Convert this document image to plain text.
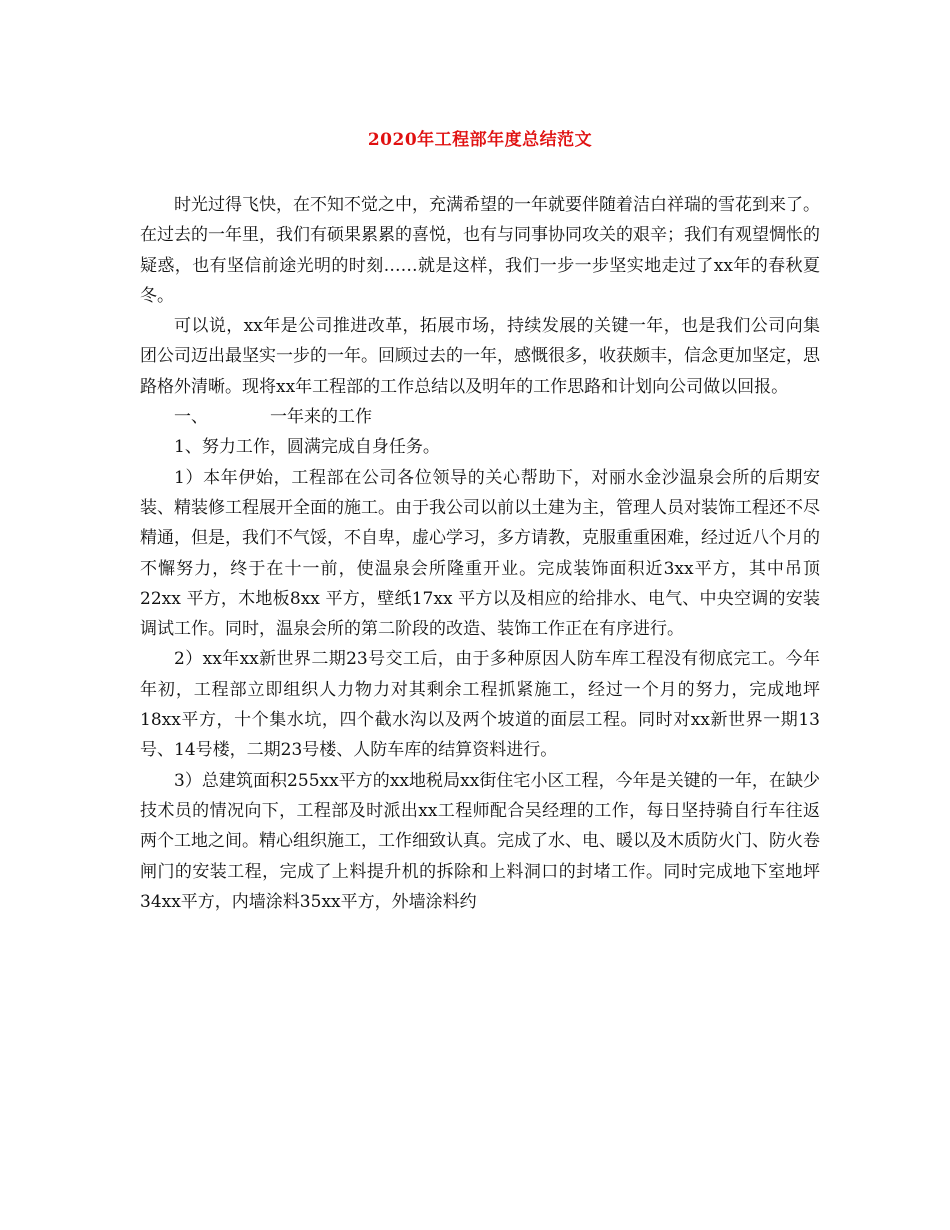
2020年工程部年度总结范文

时光过得飞快，在不知不觉之中，充满希望的一年就要伴随着洁白祥瑞的雪花到来了。在过去的一年里，我们有硕果累累的喜悦，也有与同事协同攻关的艰辛；我们有观望惆怅的疑惑，也有坚信前途光明的时刻……就是这样，我们一步一步坚实地走过了xx年的春秋夏冬。

可以说，xx年是公司推进改革，拓展市场，持续发展的关键一年，也是我们公司向集团公司迈出最坚实一步的一年。回顾过去的一年，感慨很多，收获颇丰，信念更加坚定，思路格外清晰。现将xx年工程部的工作总结以及明年的工作思路和计划向公司做以回报。

一、	一年来的工作

1、努力工作，圆满完成自身任务。

1）本年伊始，工程部在公司各位领导的关心帮助下，对丽水金沙温泉会所的后期安装、精装修工程展开全面的施工。由于我公司以前以土建为主，管理人员对装饰工程还不尽精通，但是，我们不气馁，不自卑，虚心学习，多方请教，克服重重困难，经过近八个月的不懈努力，终于在十一前，使温泉会所隆重开业。完成装饰面积近3xx平方，其中吊顶 22xx 平方，木地板8xx 平方，壁纸17xx 平方以及相应的给排水、电气、中央空调的安装调试工作。同时，温泉会所的第二阶段的改造、装饰工作正在有序进行。

2）xx年xx新世界二期23号交工后，由于多种原因人防车库工程没有彻底完工。今年年初，工程部立即组织人力物力对其剩余工程抓紧施工，经过一个月的努力，完成地坪18xx平方，十个集水坑，四个截水沟以及两个坡道的面层工程。同时对xx新世界一期13号、14号楼，二期23号楼、人防车库的结算资料进行。

3）总建筑面积255xx平方的xx地税局xx街住宅小区工程，今年是关键的一年，在缺少技术员的情况向下，工程部及时派出xx工程师配合吴经理的工作，每日坚持骑自行车往返两个工地之间。精心组织施工，工作细致认真。完成了水、电、暖以及木质防火门、防火卷闸门的安装工程，完成了上料提升机的拆除和上料洞口的封堵工作。同时完成地下室地坪34xx平方，内墙涂料35xx平方，外墙涂料约
